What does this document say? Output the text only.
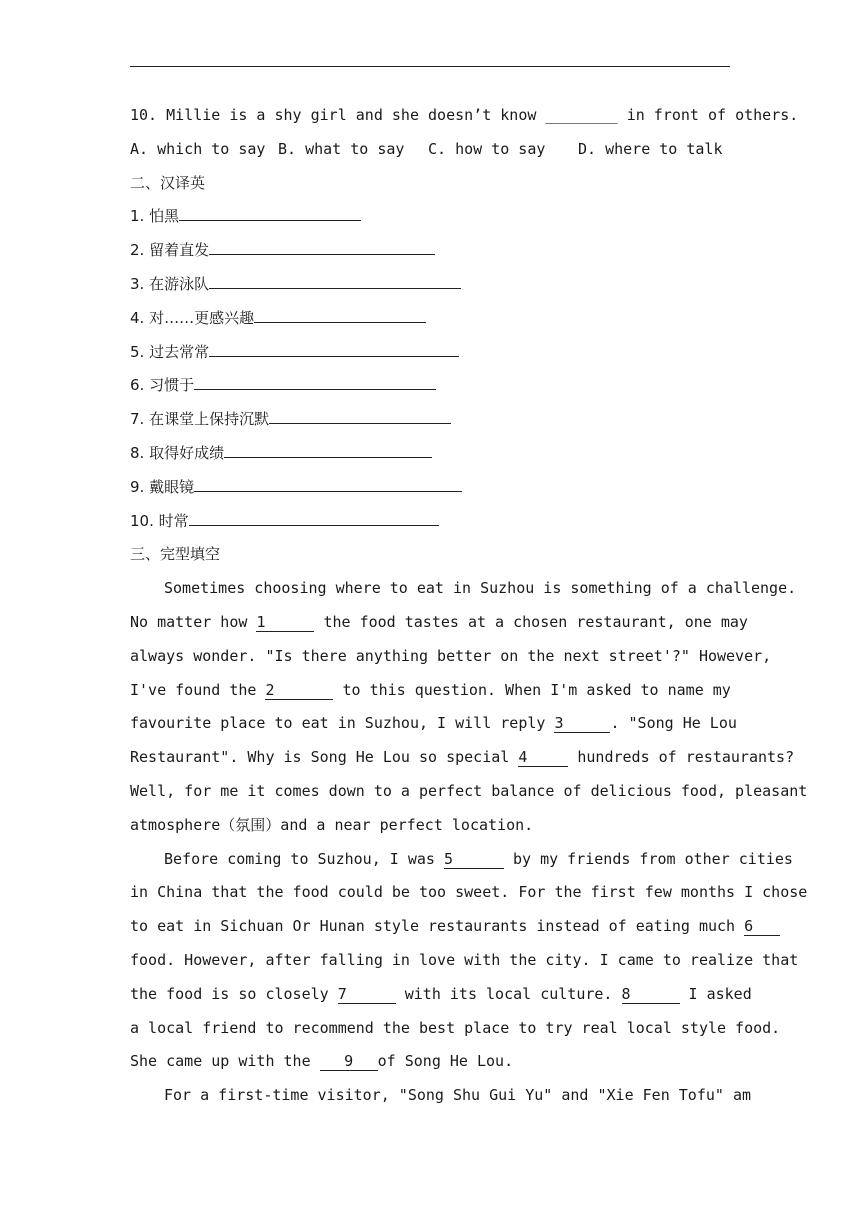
10. Millie is a shy girl and she doesn’t know ________ in front of others.
A. which to say B. what to say	C. how to say	D. where to talk
二、汉译英
1. 怕黑
2. 留着直发
3. 在游泳队
4. 对……更感兴趣
5. 过去常常
6. 习惯于
7. 在课堂上保持沉默
8. 取得好成绩
9. 戴眼镜
10. 时常
三、完型填空
Sometimes choosing where to eat in Suzhou is something of a challenge.
No matter how 1	the food tastes at a chosen restaurant, one may
always wonder. "Is there anything better on the next street'?" However,
I've found the 2	to this question. When I'm asked to name my
favourite place to eat in Suzhou, I will reply 3	. "Song He Lou
Restaurant". Why is Song He Lou so special 4	hundreds of restaurants?
Well, for me it comes down to a perfect balance of delicious food, pleasant
atmosphere（氛围）and a near perfect location.
Before coming to Suzhou, I was 5	by my friends from other cities
in China that the food could be too sweet. For the first few months I chose
to eat in Sichuan Or Hunan style restaurants instead of eating much 6
food. However, after falling in love with the city. I came to realize that
the food is so closely 7	with its local culture. 8	I asked
a local friend to recommend the best place to try real local style food.
She came up with the 9 of Song He Lou.
For a first-time visitor, "Song Shu Gui Yu" and "Xie Fen Tofu" am
